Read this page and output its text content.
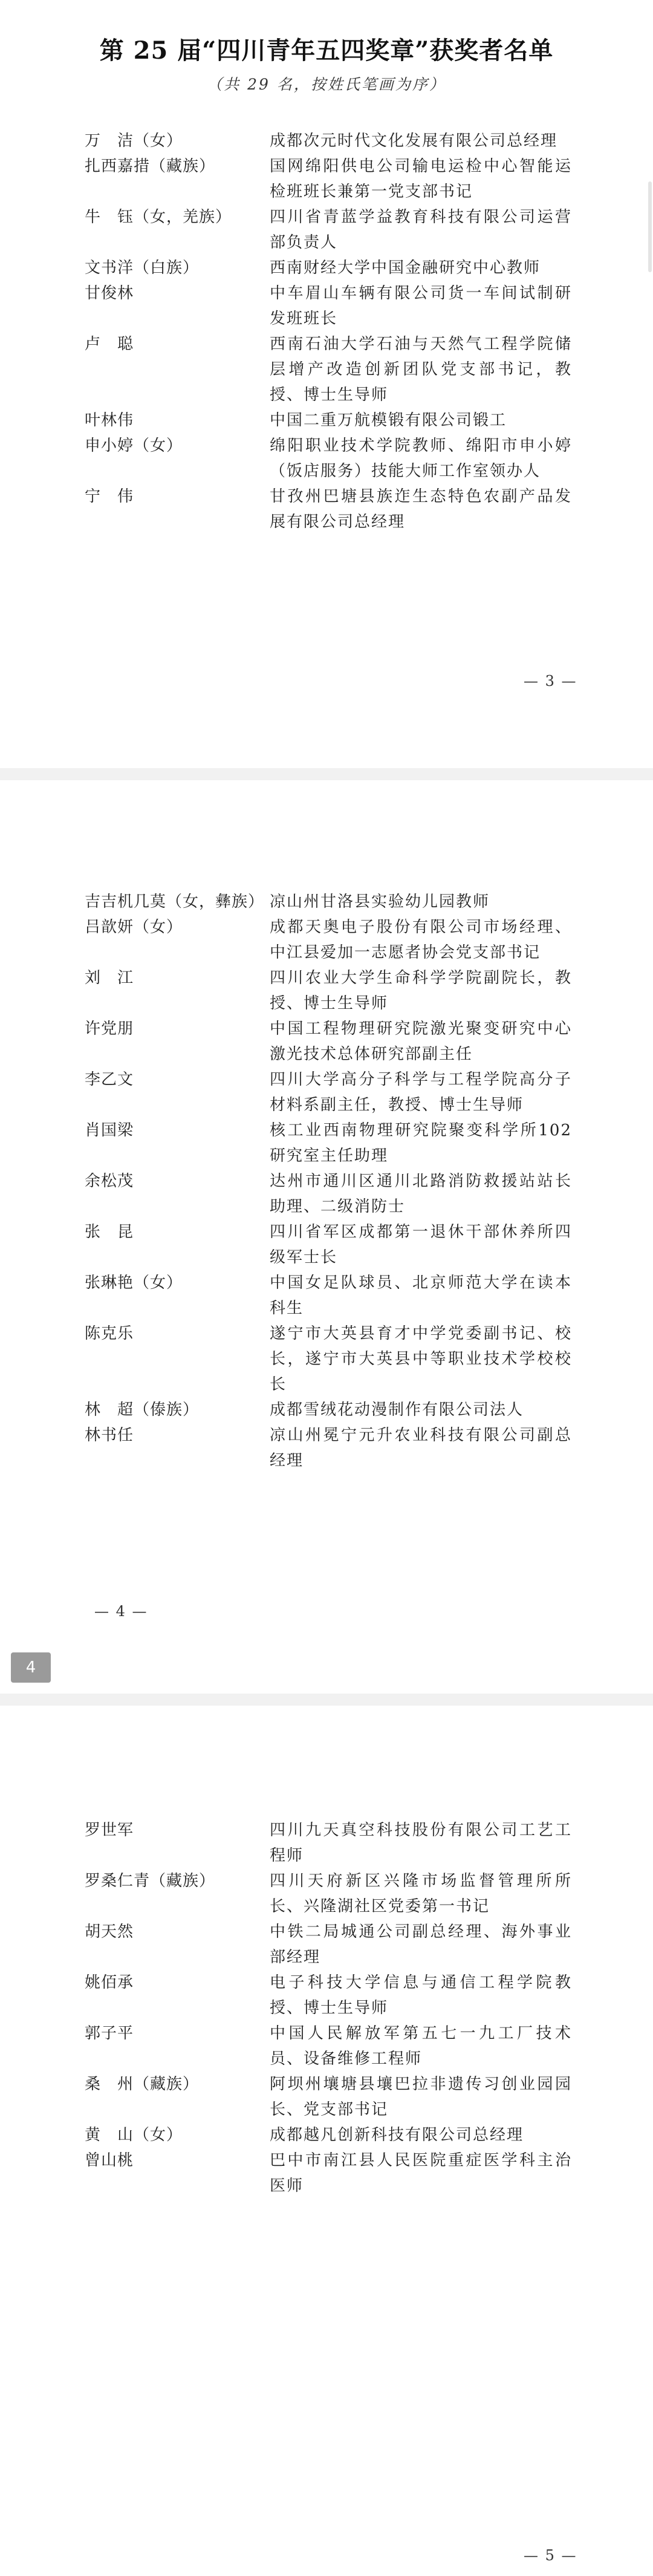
第 25 届“四川青年五四奖章”获奖者名单
（共 29 名，按姓氏笔画为序）
万　洁（女）	成都次元时代文化发展有限公司总经理
扎西嘉措（藏族）	国网绵阳供电公司输电运检中心智能运检班班长兼第一党支部书记
牛　钰（女，羌族） 四川省青蓝学益教育科技有限公司运营部负责人
文书洋（白族）	西南财经大学中国金融研究中心教师
甘俊林	中车眉山车辆有限公司货一车间试制研发班班长
卢　聪	西南石油大学石油与天然气工程学院储层增产改造创新团队党支部书记，教授、博士生导师
叶林伟	中国二重万航模锻有限公司锻工
申小婷（女）	绵阳职业技术学院教师、绵阳市申小婷（饭店服务）技能大师工作室领办人
宁　伟	甘孜州巴塘县族迮生态特色农副产品发展有限公司总经理
— 3 —
吉吉机几莫（女，彝族） 凉山州甘洛县实验幼儿园教师
吕歆妍（女）	成都天奥电子股份有限公司市场经理、中江县爱加一志愿者协会党支部书记
刘　江	四川农业大学生命科学学院副院长，教授、博士生导师
许党朋	中国工程物理研究院激光聚变研究中心激光技术总体研究部副主任
李乙文	四川大学高分子科学与工程学院高分子材料系副主任，教授、博士生导师
肖国梁	核工业西南物理研究院聚变科学所102研究室主任助理
余松茂	达州市通川区通川北路消防救援站站长助理、二级消防士
张　昆	四川省军区成都第一退休干部休养所四级军士长
张琳艳（女）	中国女足队球员、北京师范大学在读本科生
陈克乐	遂宁市大英县育才中学党委副书记、校长，遂宁市大英县中等职业技术学校校长
林　超（傣族）	成都雪绒花动漫制作有限公司法人
林书任	凉山州冕宁元升农业科技有限公司副总经理
— 4 —
罗世军	四川九天真空科技股份有限公司工艺工程师
罗桑仁青（藏族）	四川天府新区兴隆市场监督管理所所长、兴隆湖社区党委第一书记
胡天然	中铁二局城通公司副总经理、海外事业部经理
姚佰承	电子科技大学信息与通信工程学院教授、博士生导师
郭子平	中国人民解放军第五七一九工厂技术员、设备维修工程师
桑　州（藏族）	阿坝州壤塘县壤巴拉非遗传习创业园园长、党支部书记
黄　山（女）	成都越凡创新科技有限公司总经理
曾山桃	巴中市南江县人民医院重症医学科主治医师
— 5 —
4
